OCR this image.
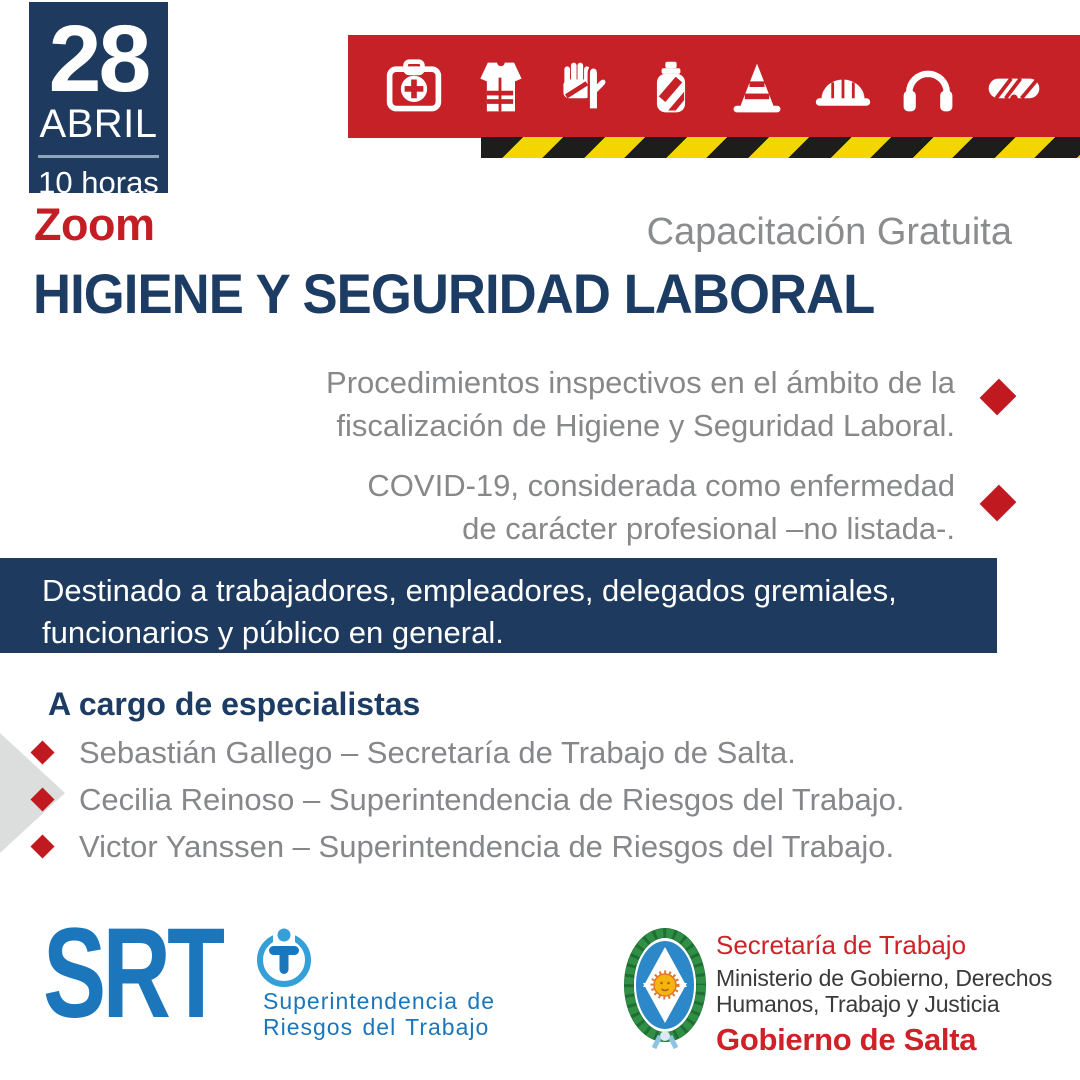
28
ABRIL
10 horas
Zoom	Capacitación Gratuita
HIGIENE Y SEGURIDAD LABORAL
Procedimientos inspectivos en el ámbito de la
fiscalización de Higiene y Seguridad Laboral.
COVID-19, considerada como enfermedad
de carácter profesional –no listada-.
Destinado a trabajadores, empleadores, delegados gremiales,
funcionarios y público en general.
A cargo de especialistas
Sebastián Gallego – Secretaría de Trabajo de Salta.
Cecilia Reinoso – Superintendencia de Riesgos del Trabajo.
Victor Yanssen – Superintendencia de Riesgos del Trabajo.
SRT	Superintendencia de
Riesgos del Trabajo
Secretaría de Trabajo
Ministerio de Gobierno, Derechos
Humanos, Trabajo y Justicia
Gobierno de Salta
